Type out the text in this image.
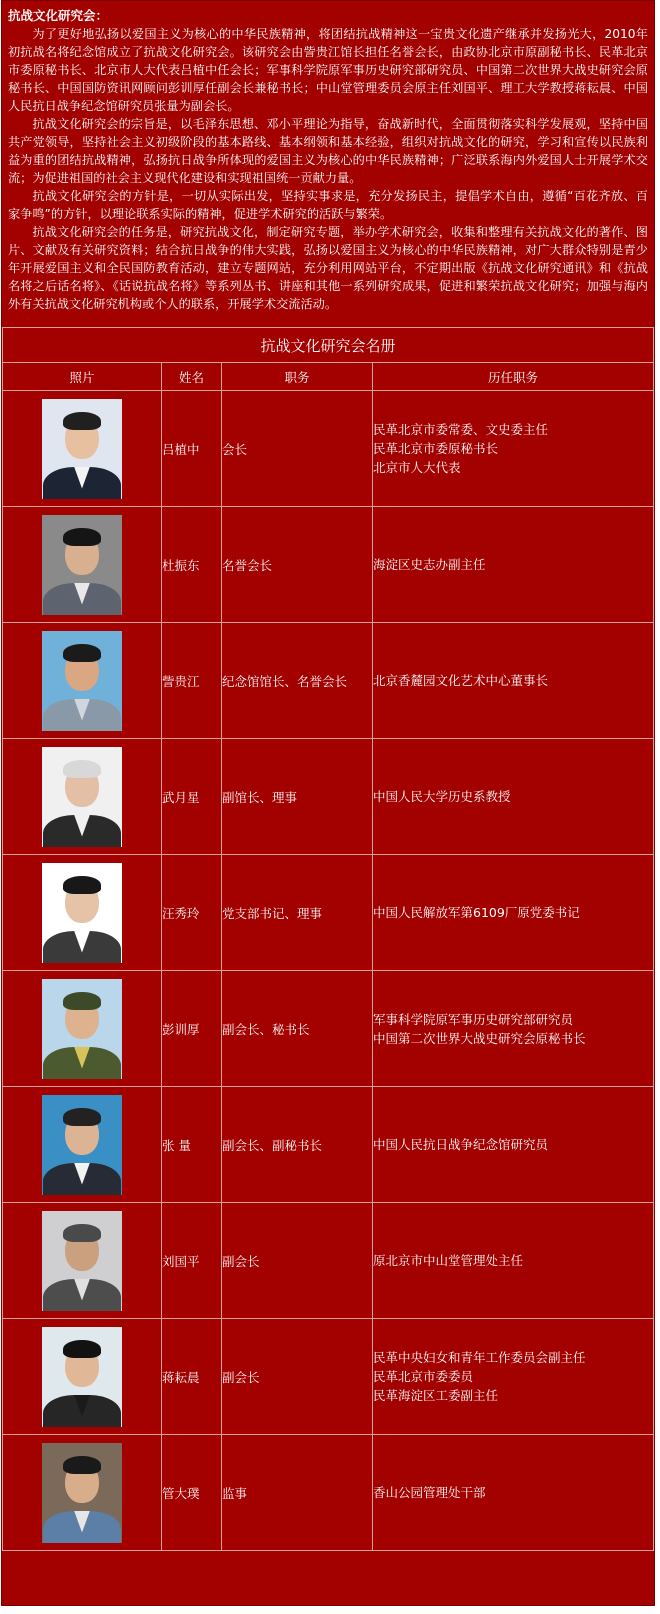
抗战文化研究会：

为了更好地弘扬以爱国主义为核心的中华民族精神，将团结抗战精神这一宝贵文化遗产继承并发扬光大，2010年初抗战名将纪念馆成立了抗战文化研究会。该研究会由訾贵江馆长担任名誉会长，由政协北京市原副秘书长、民革北京市委原秘书长、北京市人大代表吕植中任会长；军事科学院原军事历史研究部研究员、中国第二次世界大战史研究会原秘书长、中国国防资讯网顾问彭训厚任副会长兼秘书长；中山堂管理委员会原主任刘国平、理工大学教授蒋耘晨、中国人民抗日战争纪念馆研究员张量为副会长。

抗战文化研究会的宗旨是，以毛泽东思想、邓小平理论为指导，奋战新时代，全面贯彻落实科学发展观，坚持中国共产党领导，坚持社会主义初级阶段的基本路线、基本纲领和基本经验，组织对抗战文化的研究，学习和宣传以民族利益为重的团结抗战精神，弘扬抗日战争所体现的爱国主义为核心的中华民族精神；广泛联系海内外爱国人士开展学术交流；为促进祖国的社会主义现代化建设和实现祖国统一贡献力量。

抗战文化研究会的方针是，一切从实际出发，坚持实事求是，充分发扬民主，提倡学术自由，遵循“百花齐放、百家争鸣”的方针，以理论联系实际的精神，促进学术研究的活跃与繁荣。

抗战文化研究会的任务是，研究抗战文化，制定研究专题，举办学术研究会，收集和整理有关抗战文化的著作、图片、文献及有关研究资料；结合抗日战争的伟大实践，弘扬以爱国主义为核心的中华民族精神，对广大群众特别是青少年开展爱国主义和全民国防教育活动，建立专题网站，充分利用网站平台，不定期出版《抗战文化研究通讯》和《抗战名将之后话名将》、《话说抗战名将》等系列丛书、讲座和其他一系列研究成果，促进和繁荣抗战文化研究；加强与海内外有关抗战文化研究机构或个人的联系，开展学术交流活动。

抗战文化研究会名册			
照片	姓名	职务	历任职务

	吕植中	会长	民革北京市委常委、文史委主任
民革北京市委原秘书长
北京市人大代表

	杜振东	名誉会长	海淀区史志办副主任

	訾贵江	纪念馆馆长、名誉会长	北京香麓园文化艺术中心董事长

	武月星	副馆长、理事	中国人民大学历史系教授

	汪秀玲	党支部书记、理事	中国人民解放军第6109厂原党委书记

	彭训厚	副会长、秘书长	军事科学院原军事历史研究部研究员
中国第二次世界大战史研究会原秘书长

	张 量	副会长、副秘书长	中国人民抗日战争纪念馆研究员

	刘国平	副会长	原北京市中山堂管理处主任

	蒋耘晨	副会长	民革中央妇女和青年工作委员会副主任
民革北京市委委员
民革海淀区工委副主任

	管大璞	监事	香山公园管理处干部
